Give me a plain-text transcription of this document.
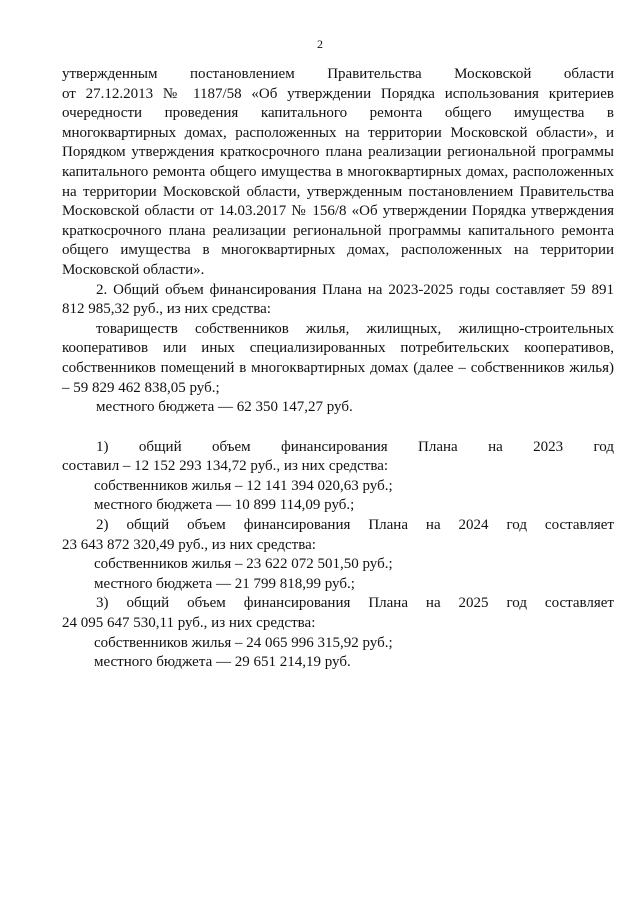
2

утвержденным постановлением Правительства Московской области

от 27.12.2013 № 1187/58 «Об утверждении Порядка использования критериев очередности проведения капитального ремонта общего имущества в многоквартирных домах, расположенных на территории Московской области», и Порядком утверждения краткосрочного плана реализации региональной программы капитального ремонта общего имущества в многоквартирных домах, расположенных на территории Московской области, утвержденным постановлением Правительства Московской области от 14.03.2017 № 156/8 «Об утверждении Порядка утверждения краткосрочного плана реализации региональной программы капитального ремонта общего имущества в многоквартирных домах, расположенных на территории Московской области».

2. Общий объем финансирования Плана на 2023-2025 годы составляет 59 891 812 985,32 руб., из них средства:

товариществ собственников жилья, жилищных, жилищно-строительных кооперативов или иных специализированных потребительских кооперативов, собственников помещений в многоквартирных домах (далее – собственников жилья) – 59 829 462 838,05 руб.;

местного бюджета — 62 350 147,27 руб.

1) общий объем финансирования Плана на 2023 год

составил – 12 152 293 134,72 руб., из них средства:

собственников жилья – 12 141 394 020,63 руб.;

местного бюджета — 10 899 114,09 руб.;

2) общий объем финансирования Плана на 2024 год составляет

23 643 872 320,49 руб., из них средства:

собственников жилья – 23 622 072 501,50 руб.;

местного бюджета — 21 799 818,99 руб.;

3) общий объем финансирования Плана на 2025 год составляет

24 095 647 530,11 руб., из них средства:

собственников жилья – 24 065 996 315,92 руб.;

местного бюджета — 29 651 214,19 руб.
